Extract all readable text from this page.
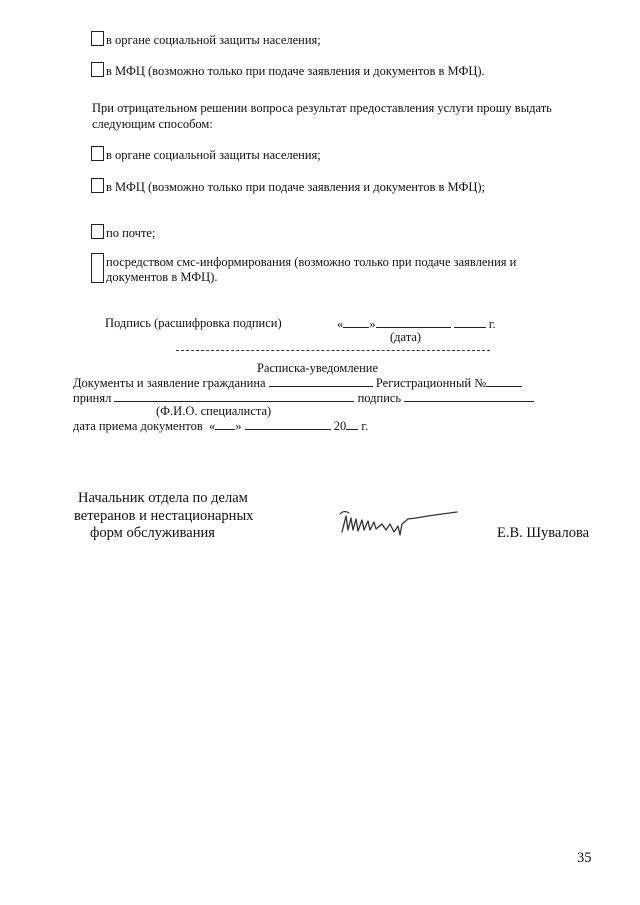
в органе социальной защиты населения;
в МФЦ (возможно только при подаче заявления и документов в МФЦ).
При отрицательном решении вопроса результат предоставления услуги прошу выдать
следующим способом:
в органе социальной защиты населения;
в МФЦ (возможно только при подаче заявления и документов в МФЦ);
по почте;
посредством смс-информирования (возможно только при подаче заявления и
документов в МФЦ).
Подпись (расшифровка подписи)	« »	г.
(дата)
Расписка-уведомление
Документы и заявление гражданина	Регистрационный №
принял	подпись
(Ф.И.О. специалиста)
дата приема документов « »	20 г.
Начальник отдела по делам
ветеранов и нестационарных
форм обслуживания	Е.В. Шувалова
35
